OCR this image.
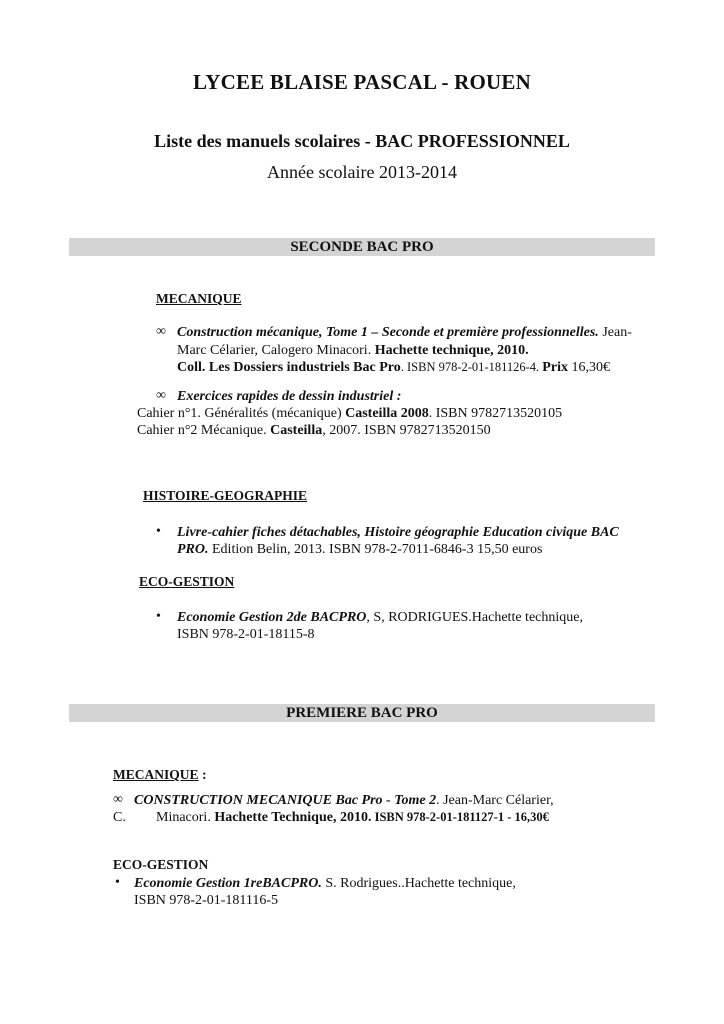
LYCEE BLAISE PASCAL - ROUEN
Liste des manuels scolaires - BAC PROFESSIONNEL
Année scolaire 2013-2014
SECONDE BAC PRO
MECANIQUE
∞ Construction mécanique, Tome 1 – Seconde et première professionnelles. Jean-
Marc Célarier, Calogero Minacori. Hachette technique, 2010.
Coll. Les Dossiers industriels Bac Pro. ISBN 978-2-01-181126-4. Prix 16,30€
∞ Exercices rapides de dessin industriel :
Cahier n°1. Généralités (mécanique) Casteilla 2008. ISBN 9782713520105
Cahier n°2 Mécanique. Casteilla, 2007. ISBN 9782713520150
HISTOIRE-GEOGRAPHIE
• Livre-cahier fiches détachables, Histoire géographie Education civique BAC
PRO. Edition Belin, 2013. ISBN 978-2-7011-6846-3 15,50 euros
ECO-GESTION
• Economie Gestion 2de BACPRO, S, RODRIGUES.Hachette technique,
ISBN 978-2-01-18115-8
PREMIERE BAC PRO
MECANIQUE :
∞ CONSTRUCTION MECANIQUE Bac Pro - Tome 2. Jean-Marc Célarier,
C. Minacori. Hachette Technique, 2010. ISBN 978-2-01-181127-1 - 16,30€
ECO-GESTION
• Economie Gestion 1reBACPRO. S. Rodrigues..Hachette technique,
ISBN 978-2-01-181116-5
